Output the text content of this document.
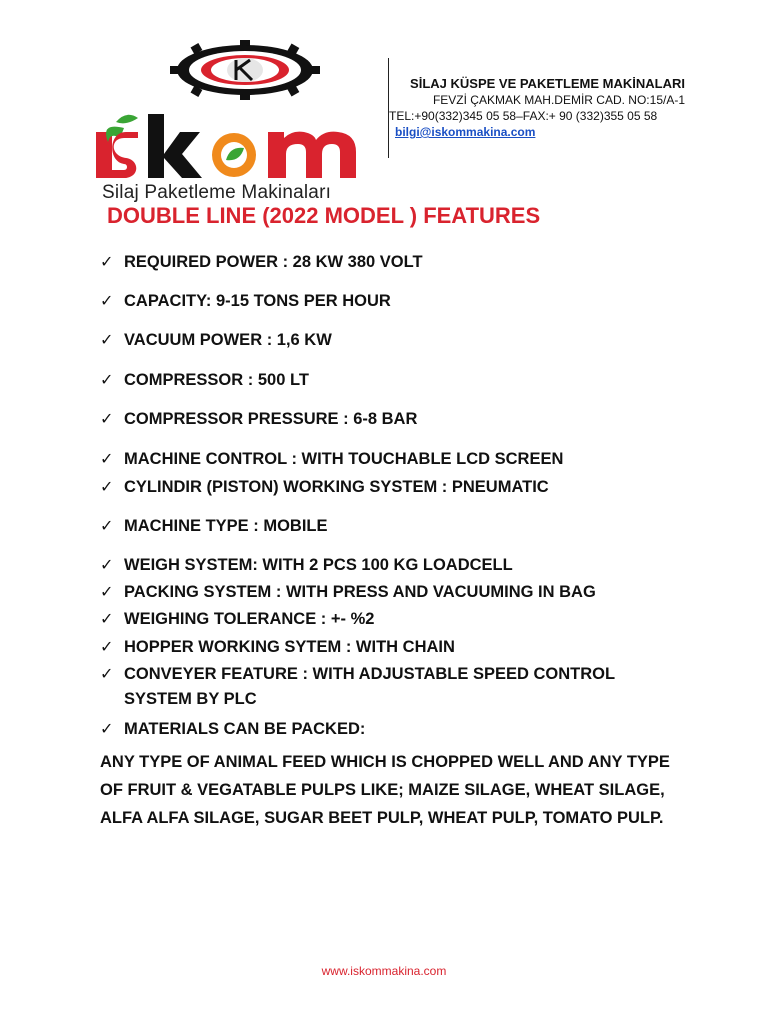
Silaj Paketleme Makinaları
SİLAJ KÜSPE VE PAKETLEME MAKİNALARI
FEVZİ ÇAKMAK MAH.DEMİR CAD. NO:15/A-1
TEL:+90(332)345 05 58–FAX:+ 90 (332)355 05 58
bilgi@iskommakina.com
DOUBLE LINE (2022 MODEL ) FEATURES
✓ REQUIRED POWER : 28 KW 380 VOLT
✓ CAPACITY: 9-15 TONS PER HOUR
✓ VACUUM POWER : 1,6 KW
✓ COMPRESSOR : 500 LT
✓ COMPRESSOR PRESSURE : 6-8 BAR
✓ MACHINE CONTROL : WITH TOUCHABLE LCD SCREEN
✓ CYLINDIR (PISTON) WORKING SYSTEM : PNEUMATIC
✓ MACHINE TYPE : MOBILE
✓ WEIGH SYSTEM: WITH 2 PCS 100 KG LOADCELL
✓ PACKING SYSTEM : WITH PRESS AND VACUUMING IN BAG
✓ WEIGHING TOLERANCE : +- %2
✓ HOPPER WORKING SYTEM : WITH CHAIN
✓ CONVEYER FEATURE : WITH ADJUSTABLE SPEED CONTROL
SYSTEM BY PLC
✓ MATERIALS CAN BE PACKED:

ANY TYPE OF ANIMAL FEED WHICH IS CHOPPED WELL AND ANY TYPE OF FRUIT & VEGATABLE PULPS LIKE; MAIZE SILAGE, WHEAT SILAGE, ALFA ALFA SILAGE, SUGAR BEET PULP, WHEAT PULP, TOMATO PULP.

www.iskommakina.com
